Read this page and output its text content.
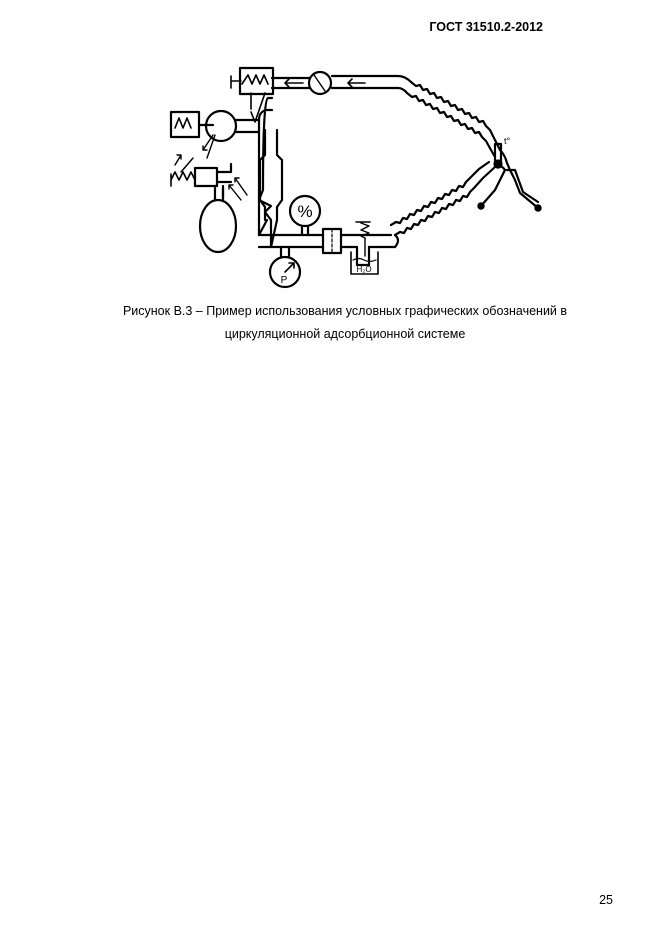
ГОСТ 31510.2-2012
%
P
H₂O
t°
Рисунок В.3 – Пример использования условных графических обозначений в
циркуляционной адсорбционной системе
25
